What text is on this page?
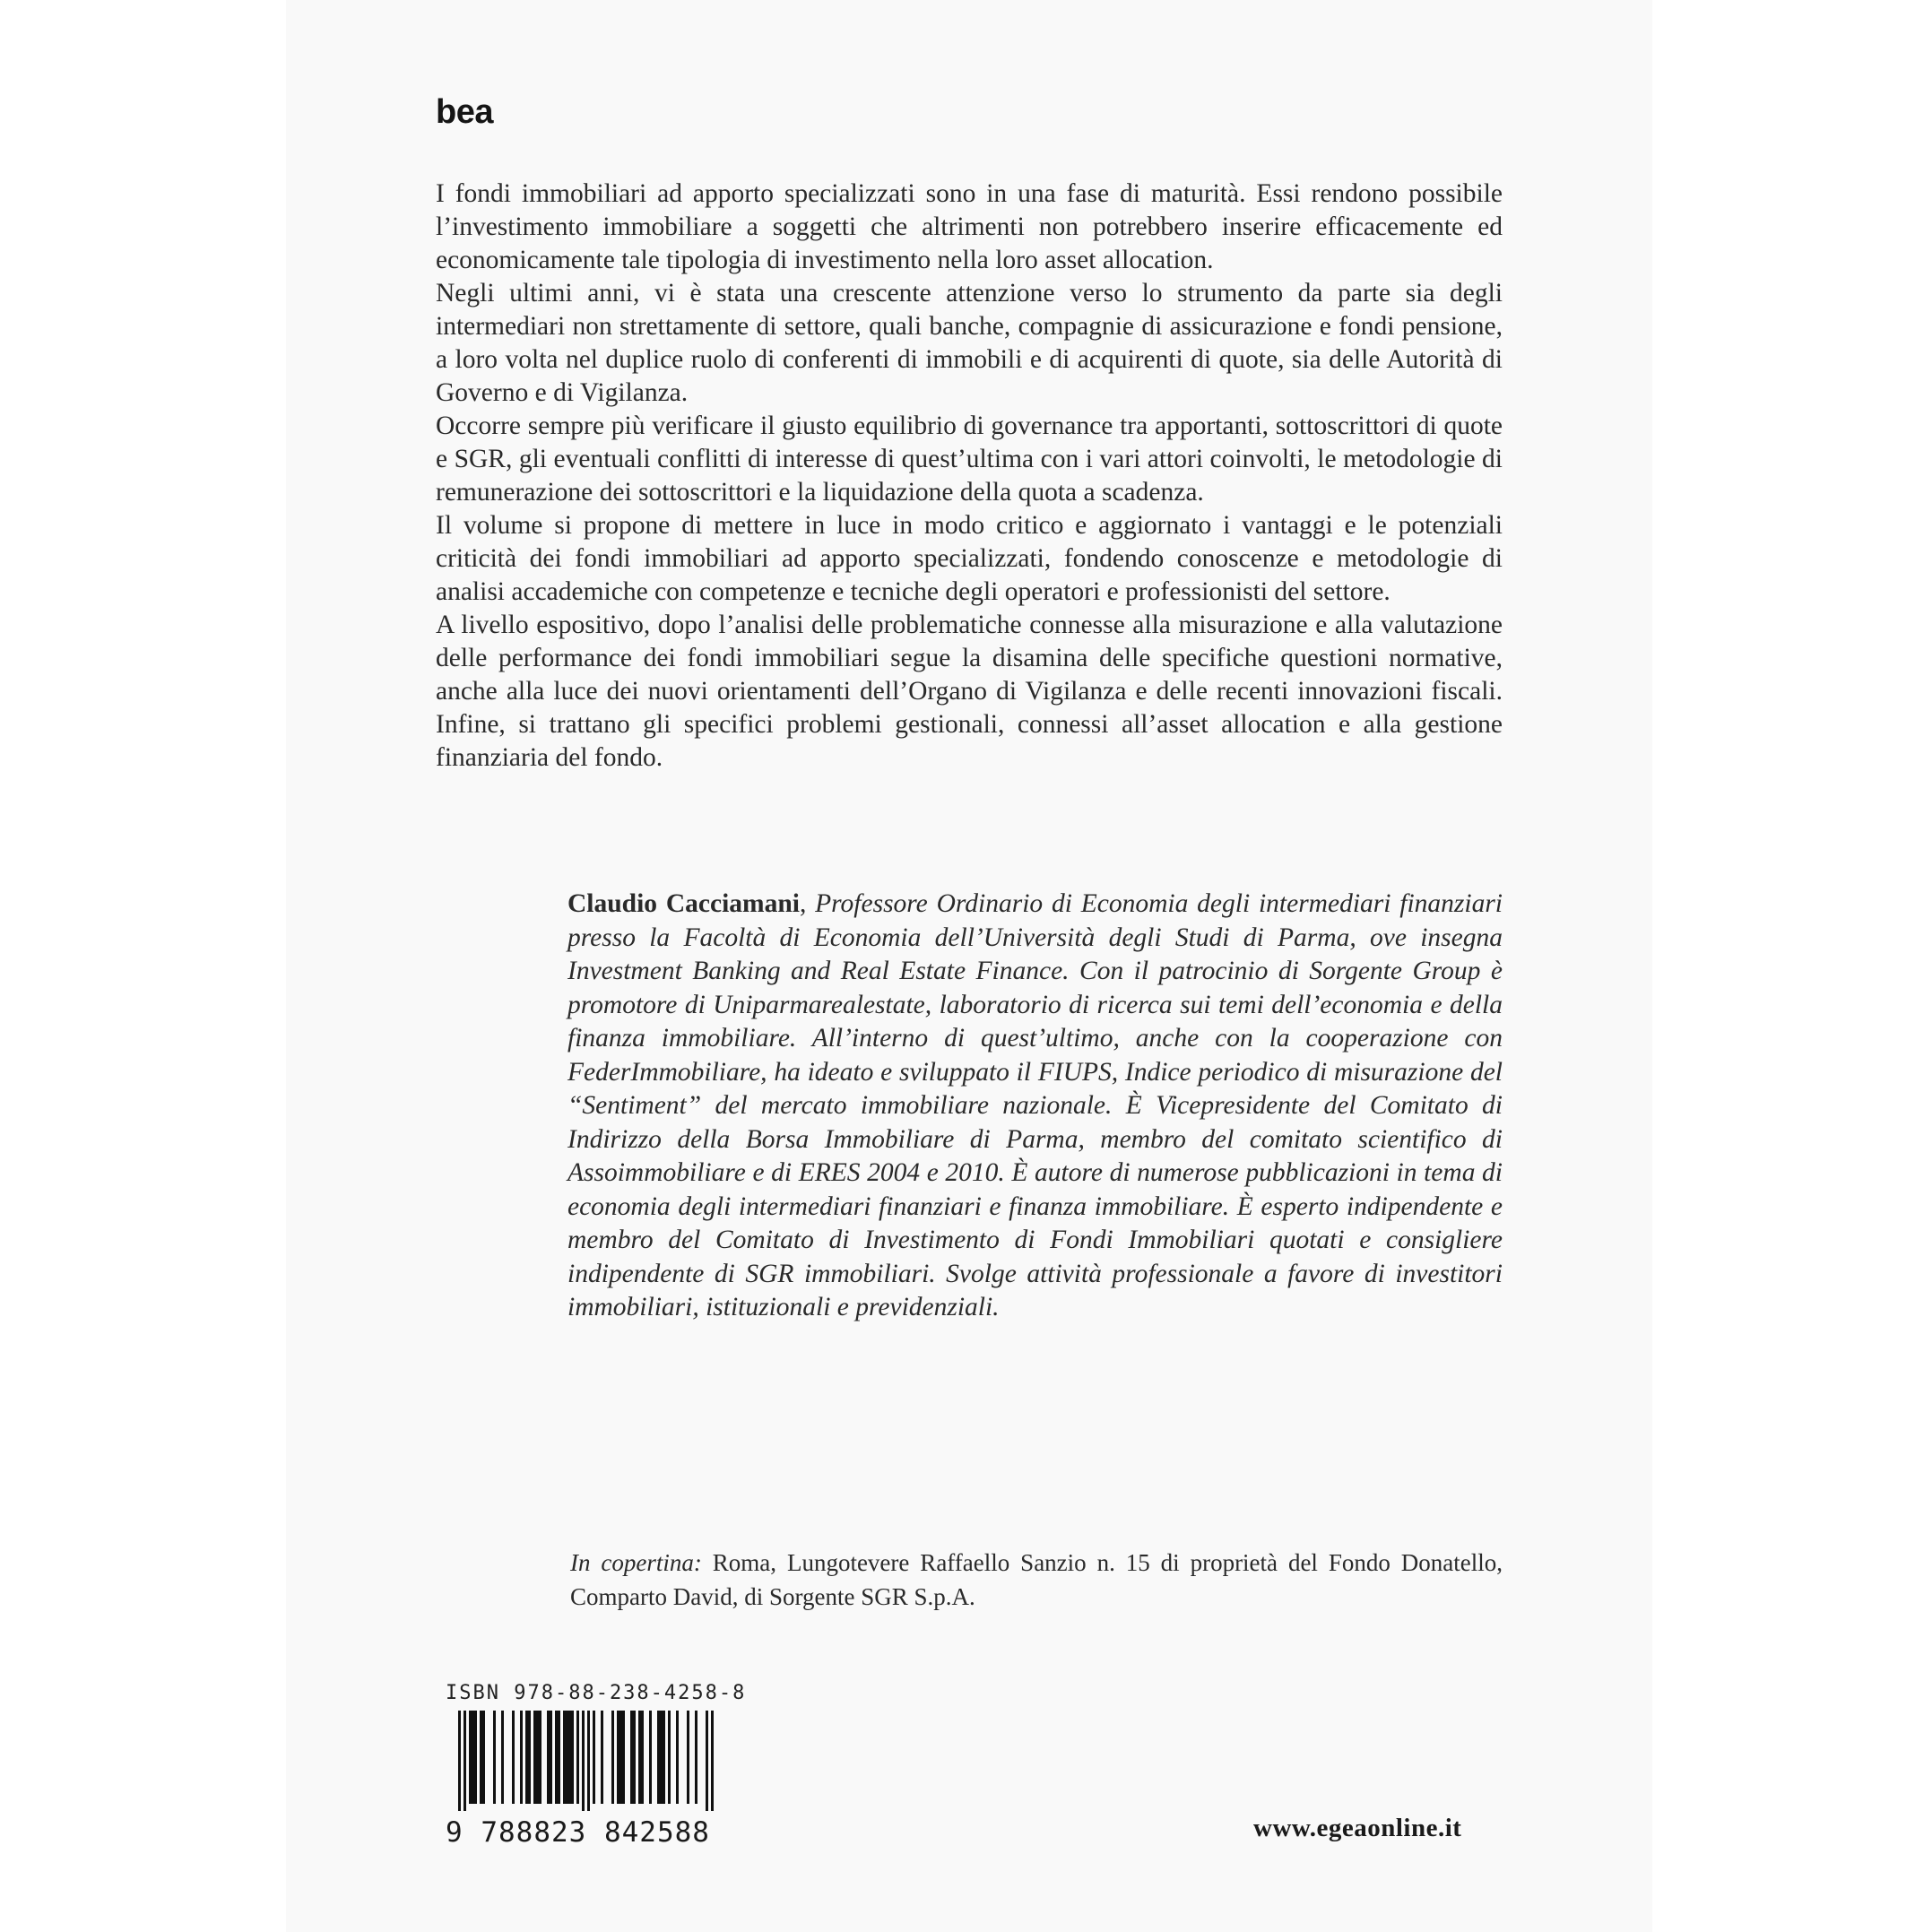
bea

I fondi immobiliari ad apporto specializzati sono in una fase di maturità. Essi rendono possibile l’investimento immobiliare a soggetti che altrimenti non potrebbero inserire efficacemente ed economicamente tale tipologia di investimento nella loro asset allocation.

Negli ultimi anni, vi è stata una crescente attenzione verso lo strumento da parte sia degli intermediari non strettamente di settore, quali banche, compagnie di assicurazione e fondi pensione, a loro volta nel duplice ruolo di conferenti di immobili e di acquirenti di quote, sia delle Autorità di Governo e di Vigilanza.

Occorre sempre più verificare il giusto equilibrio di governance tra apportanti, sottoscrittori di quote e SGR, gli eventuali conflitti di interesse di quest’ultima con i vari attori coinvolti, le metodologie di remunerazione dei sottoscrittori e la liquidazione della quota a scadenza.

Il volume si propone di mettere in luce in modo critico e aggiornato i vantaggi e le potenziali criticità dei fondi immobiliari ad apporto specializzati, fondendo conoscenze e metodologie di analisi accademiche con competenze e tecniche degli operatori e professionisti del settore.

A livello espositivo, dopo l’analisi delle problematiche connesse alla misurazione e alla valutazione delle performance dei fondi immobiliari segue la disamina delle specifiche questioni normative, anche alla luce dei nuovi orientamenti dell’Organo di Vigilanza e delle recenti innovazioni fiscali. Infine, si trattano gli specifici problemi gestionali, connessi all’asset allocation e alla gestione finanziaria del fondo.

Claudio Cacciamani, Professore Ordinario di Economia degli intermediari finanziari presso la Facoltà di Economia dell’Università degli Studi di Parma, ove insegna Investment Banking and Real Estate Finance. Con il patrocinio di Sorgente Group è promotore di Uniparmarealestate, laboratorio di ricerca sui temi dell’economia e della finanza immobiliare. All’interno di quest’ultimo, anche con la cooperazione con FederImmobiliare, ha ideato e sviluppato il FIUPS, Indice periodico di misurazione del “Sentiment” del mercato immobiliare nazionale. È Vicepresidente del Comitato di Indirizzo della Borsa Immobiliare di Parma, membro del comitato scientifico di Assoimmobiliare e di ERES 2004 e 2010. È autore di numerose pubblicazioni in tema di economia degli intermediari finanziari e finanza immobiliare. È esperto indipendente e membro del Comitato di Investimento di Fondi Immobiliari quotati e consigliere indipendente di SGR immobiliari. Svolge attività professionale a favore di investitori immobiliari, istituzionali e previdenziali.
In copertina: Roma, Lungotevere Raffaello Sanzio n. 15 di proprietà del Fondo Donatello, Comparto David, di Sorgente SGR S.p.A.
ISBN 978-88-238-4258-8
9 788823 842588	www.egeaonline.it
